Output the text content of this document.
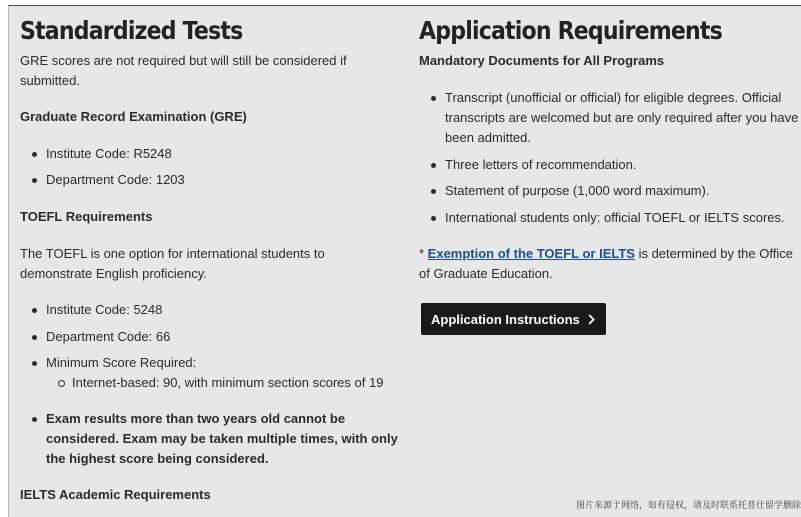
Standardized Tests

GRE scores are not required but will still be considered if submitted.

Graduate Record Examination (GRE)

Institute Code: R5248
Department Code: 1203

TOEFL Requirements

The TOEFL is one option for international students to demonstrate English proficiency.

Institute Code: 5248
Department Code: 66
Minimum Score Required:
Internet-based: 90, with minimum section scores of 19
Exam results more than two years old cannot be considered. Exam may be taken multiple times, with only the highest score being considered.

IELTS Academic Requirements

Application Requirements

Mandatory Documents for All Programs

Transcript (unofficial or official) for eligible degrees. Official transcripts are welcomed but are only required after you have been admitted.
Three letters of recommendation.
Statement of purpose (1,000 word maximum).
International students only: official TOEFL or IELTS scores.

* Exemption of the TOEFL or IELTS is determined by the Office of Graduate Education.

Application Instructions
图片来源于网络，如有侵权，请及时联系托普仕留学删除
